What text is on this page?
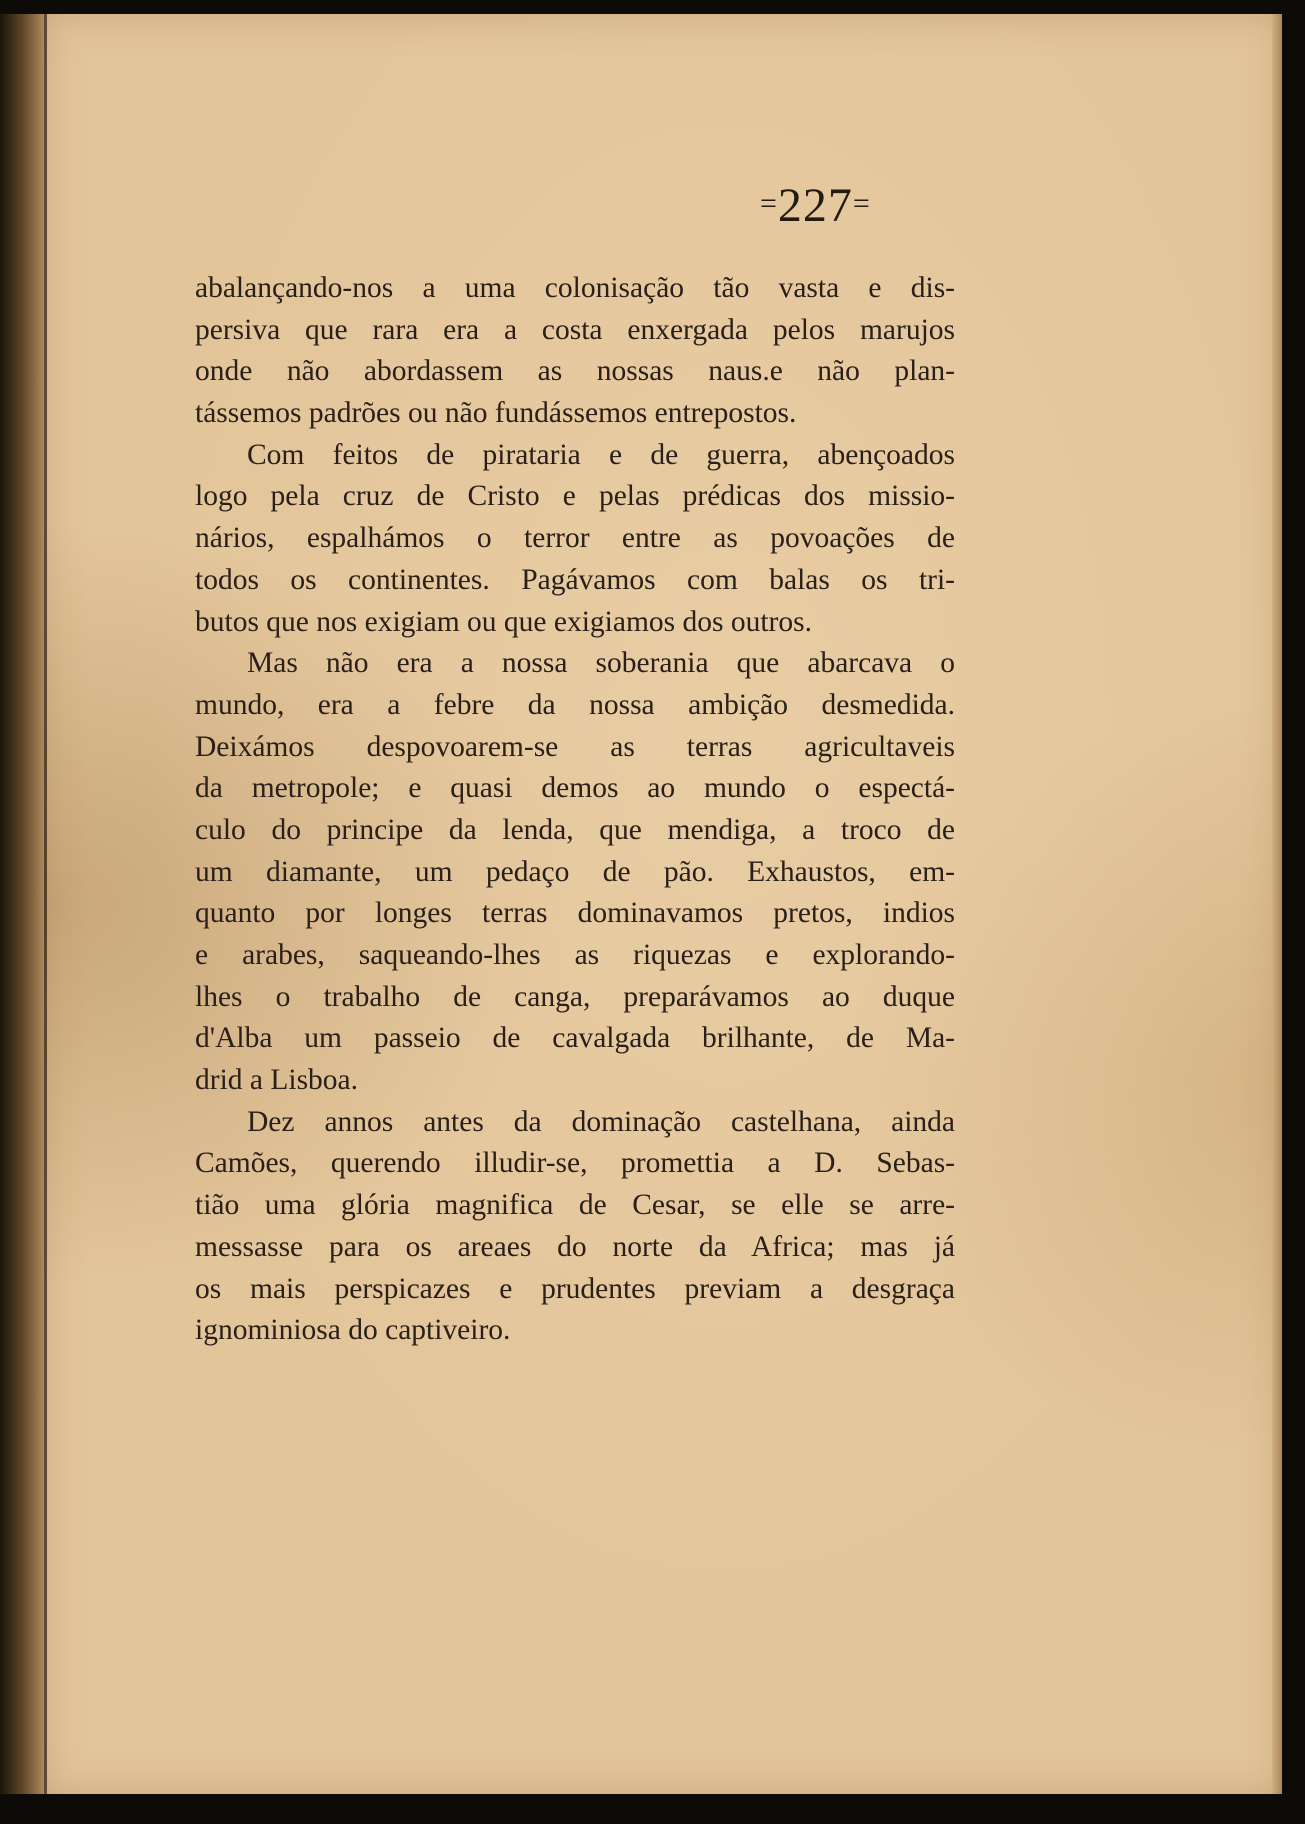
=227=
abalançando-nos a uma colonisação tão vasta e dis-
persiva que rara era a costa enxergada pelos marujos
onde não abordassem as nossas naus.e não plan-
tássemos padrões ou não fundássemos entrepostos.
Com feitos de pirataria e de guerra, abençoados
logo pela cruz de Cristo e pelas prédicas dos missio-
nários, espalhámos o terror entre as povoações de
todos os continentes. Pagávamos com balas os tri-
butos que nos exigiam ou que exigiamos dos outros.
Mas não era a nossa soberania que abarcava o
mundo, era a febre da nossa ambição desmedida.
Deixámos despovoarem-se as terras agricultaveis
da metropole; e quasi demos ao mundo o espectá-
culo do principe da lenda, que mendiga, a troco de
um diamante, um pedaço de pão. Exhaustos, em-
quanto por longes terras dominavamos pretos, indios
e arabes, saqueando-lhes as riquezas e explorando-
lhes o trabalho de canga, preparávamos ao duque
d'Alba um passeio de cavalgada brilhante, de Ma-
drid a Lisboa.
Dez annos antes da dominação castelhana, ainda
Camões, querendo illudir-se, promettia a D. Sebas-
tião uma glória magnifica de Cesar, se elle se arre-
messasse para os areaes do norte da Africa; mas já
os mais perspicazes e prudentes previam a desgraça
ignominiosa do captiveiro.
